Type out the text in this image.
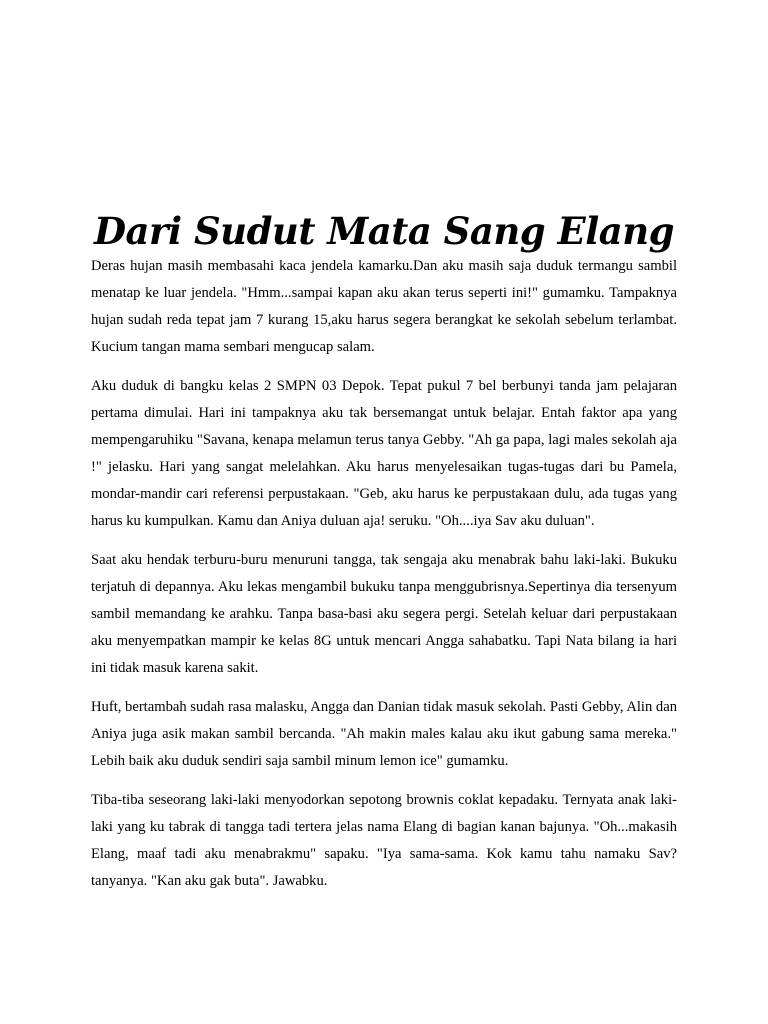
Dari Sudut Mata Sang Elang

Deras hujan masih membasahi kaca jendela kamarku.Dan aku masih saja duduk termangu sambil menatap ke luar jendela. "Hmm...sampai kapan aku akan terus seperti ini!" gumamku. Tampaknya hujan sudah reda tepat jam 7 kurang 15,aku harus segera berangkat ke sekolah sebelum terlambat. Kucium tangan mama sembari mengucap salam.

Aku duduk di bangku kelas 2 SMPN 03 Depok. Tepat pukul 7 bel berbunyi tanda jam pelajaran pertama dimulai. Hari ini tampaknya aku tak bersemangat untuk belajar. Entah faktor apa yang mempengaruhiku "Savana, kenapa melamun terus tanya Gebby. "Ah ga papa, lagi males sekolah aja !" jelasku. Hari yang sangat melelahkan. Aku harus menyelesaikan tugas-tugas dari bu Pamela, mondar-mandir cari referensi perpustakaan. "Geb, aku harus ke perpustakaan dulu, ada tugas yang harus ku kumpulkan. Kamu dan Aniya duluan aja! seruku. "Oh....iya Sav aku duluan".

Saat aku hendak terburu-buru menuruni tangga, tak sengaja aku menabrak bahu laki-laki. Bukuku terjatuh di depannya. Aku lekas mengambil bukuku tanpa menggubrisnya.Sepertinya dia tersenyum sambil memandang ke arahku. Tanpa basa-basi aku segera pergi. Setelah keluar dari perpustakaan aku menyempatkan mampir ke kelas 8G untuk mencari Angga sahabatku. Tapi Nata bilang ia hari ini tidak masuk karena sakit.

Huft, bertambah sudah rasa malasku, Angga dan Danian tidak masuk sekolah. Pasti Gebby, Alin dan Aniya juga asik makan sambil bercanda. "Ah makin males kalau aku ikut gabung sama mereka." Lebih baik aku duduk sendiri saja sambil minum lemon ice" gumamku.

Tiba-tiba seseorang laki-laki menyodorkan sepotong brownis coklat kepadaku. Ternyata anak laki-laki yang ku tabrak di tangga tadi tertera jelas nama Elang di bagian kanan bajunya. "Oh...makasih Elang, maaf tadi aku menabrakmu" sapaku. "Iya sama-sama. Kok kamu tahu namaku Sav? tanyanya. "Kan aku gak buta". Jawabku.
